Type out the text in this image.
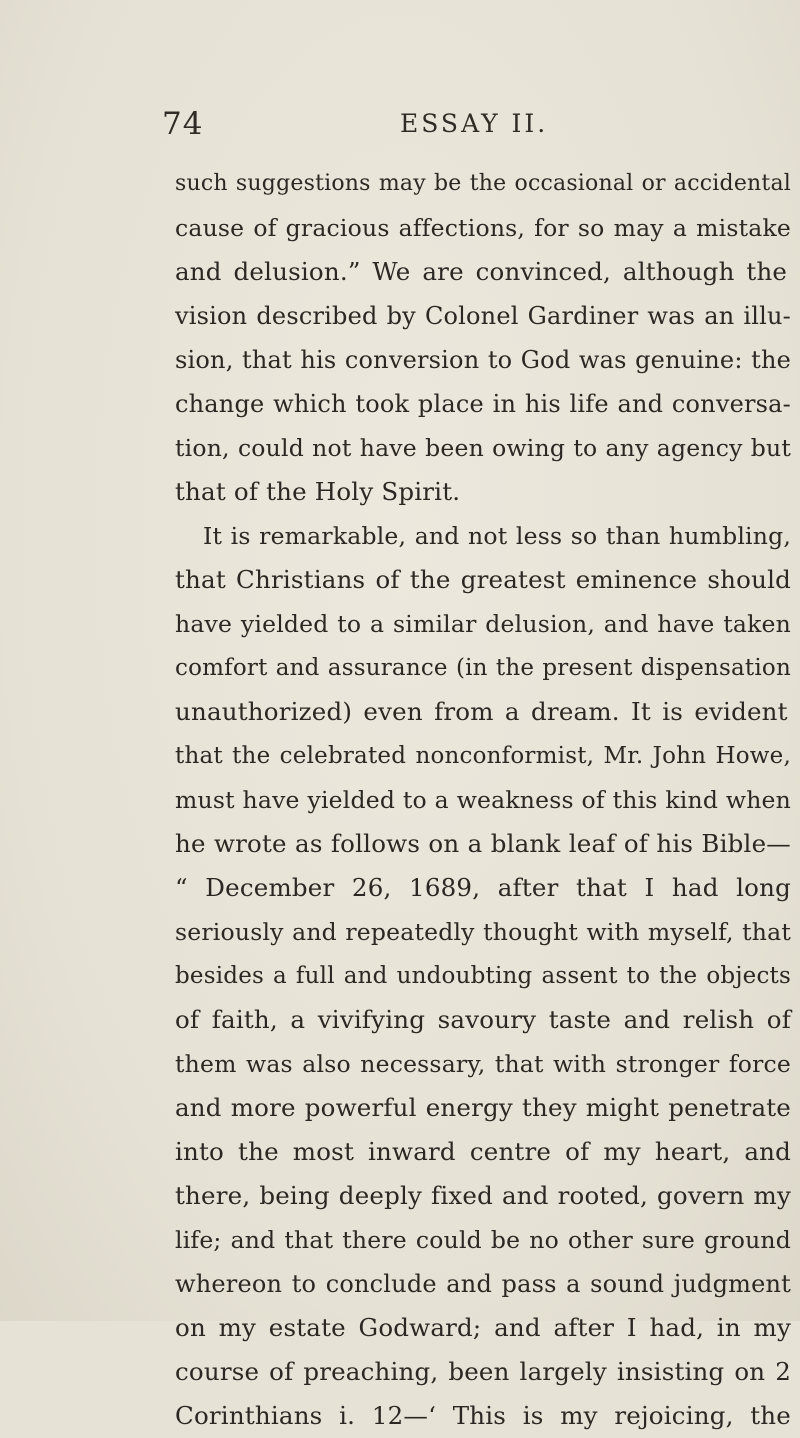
74	ESSAY II.
such suggestions may be the occasional or accidental
cause of gracious affections, for so may a mistake
and delusion.” We are convinced, although the
vision described by Colonel Gardiner was an illu-
sion, that his conversion to God was genuine: the
change which took place in his life and conversa-
tion, could not have been owing to any agency but
that of the Holy Spirit.
It is remarkable, and not less so than humbling,
that Christians of the greatest eminence should
have yielded to a similar delusion, and have taken
comfort and assurance (in the present dispensation
unauthorized) even from a dream. It is evident
that the celebrated nonconformist, Mr. John Howe,
must have yielded to a weakness of this kind when
he wrote as follows on a blank leaf of his Bible—
“ December 26, 1689, after that I had long
seriously and repeatedly thought with myself, that
besides a full and undoubting assent to the objects
of faith, a vivifying savoury taste and relish of
them was also necessary, that with stronger force
and more powerful energy they might penetrate
into the most inward centre of my heart, and
there, being deeply fixed and rooted, govern my
life; and that there could be no other sure ground
whereon to conclude and pass a sound judgment
on my estate Godward; and after I had, in my
course of preaching, been largely insisting on 2
Corinthians i. 12—‘ This is my rejoicing, the
